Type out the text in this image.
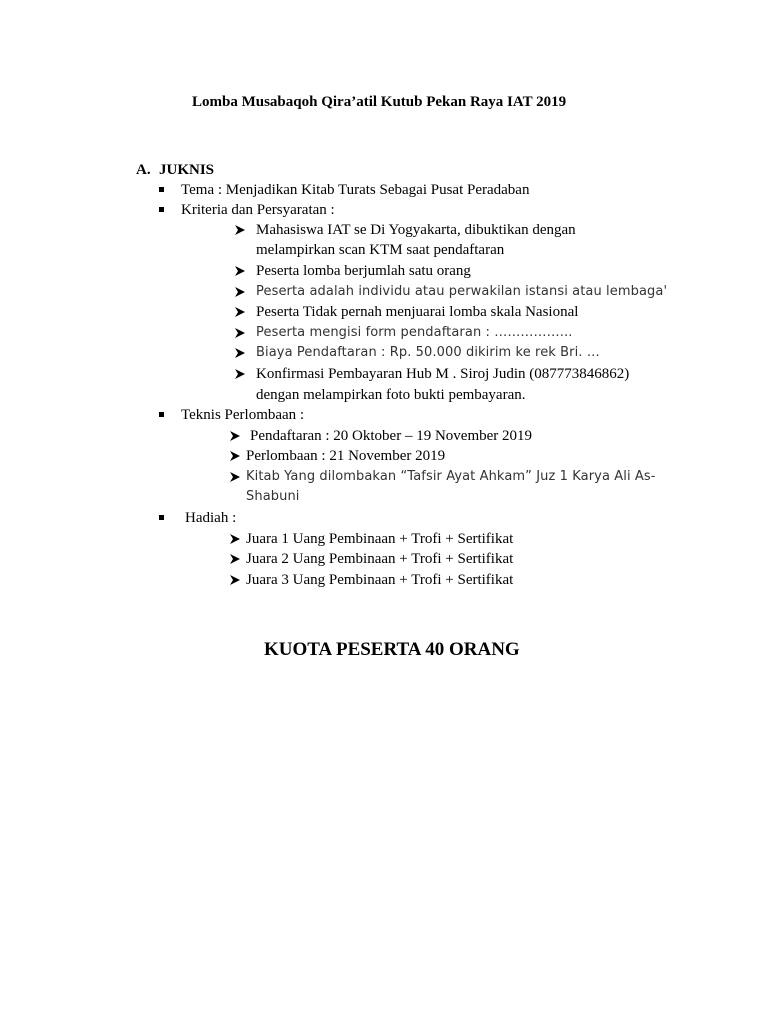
Lomba Musabaqoh Qira’atil Kutub Pekan Raya IAT 2019
A. JUKNIS
Tema : Menjadikan Kitab Turats Sebagai Pusat Peradaban
Kriteria dan Persyaratan :
Mahasiswa IAT se Di Yogyakarta, dibuktikan dengan
melampirkan scan KTM saat pendaftaran
Peserta lomba berjumlah satu orang
Peserta adalah individu atau perwakilan istansi atau lembaga'
Peserta Tidak pernah menjuarai lomba skala Nasional
Peserta mengisi form pendaftaran : ……………...
Biaya Pendaftaran : Rp. 50.000 dikirim ke rek Bri. …
Konfirmasi Pembayaran Hub M . Siroj Judin (087773846862)
dengan melampirkan foto bukti pembayaran.
Teknis Perlombaan :
Pendaftaran : 20 Oktober – 19 November 2019
Perlombaan : 21 November 2019
Kitab Yang dilombakan “Tafsir Ayat Ahkam” Juz 1 Karya Ali As-
Shabuni
Hadiah :
Juara 1 Uang Pembinaan + Trofi + Sertifikat
Juara 2 Uang Pembinaan + Trofi + Sertifikat
Juara 3 Uang Pembinaan + Trofi + Sertifikat
KUOTA PESERTA 40 ORANG
